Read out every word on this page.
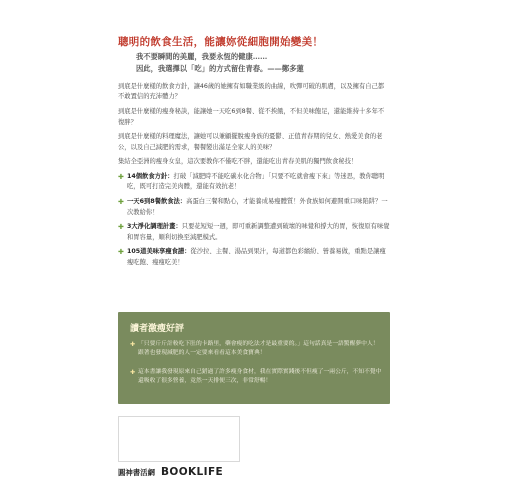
聰明的飲食生活，能讓妳從細胞開始變美！
我不要瞬間的美麗，我要永恆的健康……
因此，我選擇以「吃」的方式留住青春。——鄭多蓮

到底是什麼樣的飲食方針，讓46歲的她擁有如職業級的曲線，吹彈可破的肌膚，以及擁有自己都不敢置信的充沛體力？

到底是什麼樣的瘦身秘訣，能讓她一天吃6到8餐、從不挨餓，不但美味飽足，還能維持十多年不復胖？

到底是什麼樣的料理魔法，讓她可以兼顧擺脫瘦身族的憂鬱、正值青春期的兒女、熱愛美食的老公，以及自己減肥的需求，餐餐變出滿足全家人的美味？

集結全亞洲的瘦身女皇，這次要教你不僅吃不胖，還能吃出青春美肌的獨門飲食秘技！

✚ 14個飲食方針：打破「減肥時不能吃碳水化合物」「只要不吃就會瘦下來」等迷思，教你聰明吃，既可打造完美肉體，還能有效抗老！
✚ 一天6到8餐飲食法：高蛋白三餐和點心，才能養成易瘦體質！外食族如何避開重口味陷阱？一次教給你！
✚ 3大淨化調理計畫：只要花短短一週，即可重新調整遭到破壞的味覺和撐大的胃，恢復原有味覺和胃容量，順利切換至減肥模式。
✚ 105道美味享瘦食譜：從沙拉、主餐、湯品到果汁，每道都色彩繽紛、營養易做，重點是讓瘦瘦吃飽、瘦瘦吃美！
讀者激瘦好評
✚ 「只要斤斤計較吃下肚的卡路里，藥會瘦的吃法才是最重要的。」這句話真是一語驚醒夢中人！跟著也發現減肥的人一定要來看看這本美食寶典！
✚ 這本書讓我發現原來自己錯過了許多瘦身食材，我在實際實踐後不但瘦了一兩公斤，不知不覺中還吸收了很多營養，竟然一天排便三次，非常舒暢！
圓神書活網 BOOKLIFE
